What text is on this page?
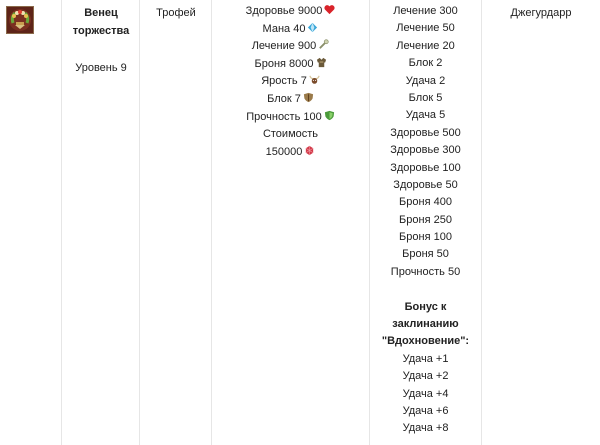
Венец торжества
Уровень 9
Трофей	Здоровье 9000
Мана 40
Лечение 900
Броня 8000
Ярость 7
Блок 7
Прочность 100
Стоимость
150000
Лечение 300
Лечение 50
Лечение 20
Блок 2
Удача 2
Блок 5
Удача 5
Здоровье 500
Здоровье 300
Здоровье 100
Здоровье 50
Броня 400
Броня 250
Броня 100
Броня 50
Прочность 50
Бонус к
заклинанию
"Вдохновение":
Удача +1
Удача +2
Удача +4
Удача +6
Удача +8
Джегурдарр
